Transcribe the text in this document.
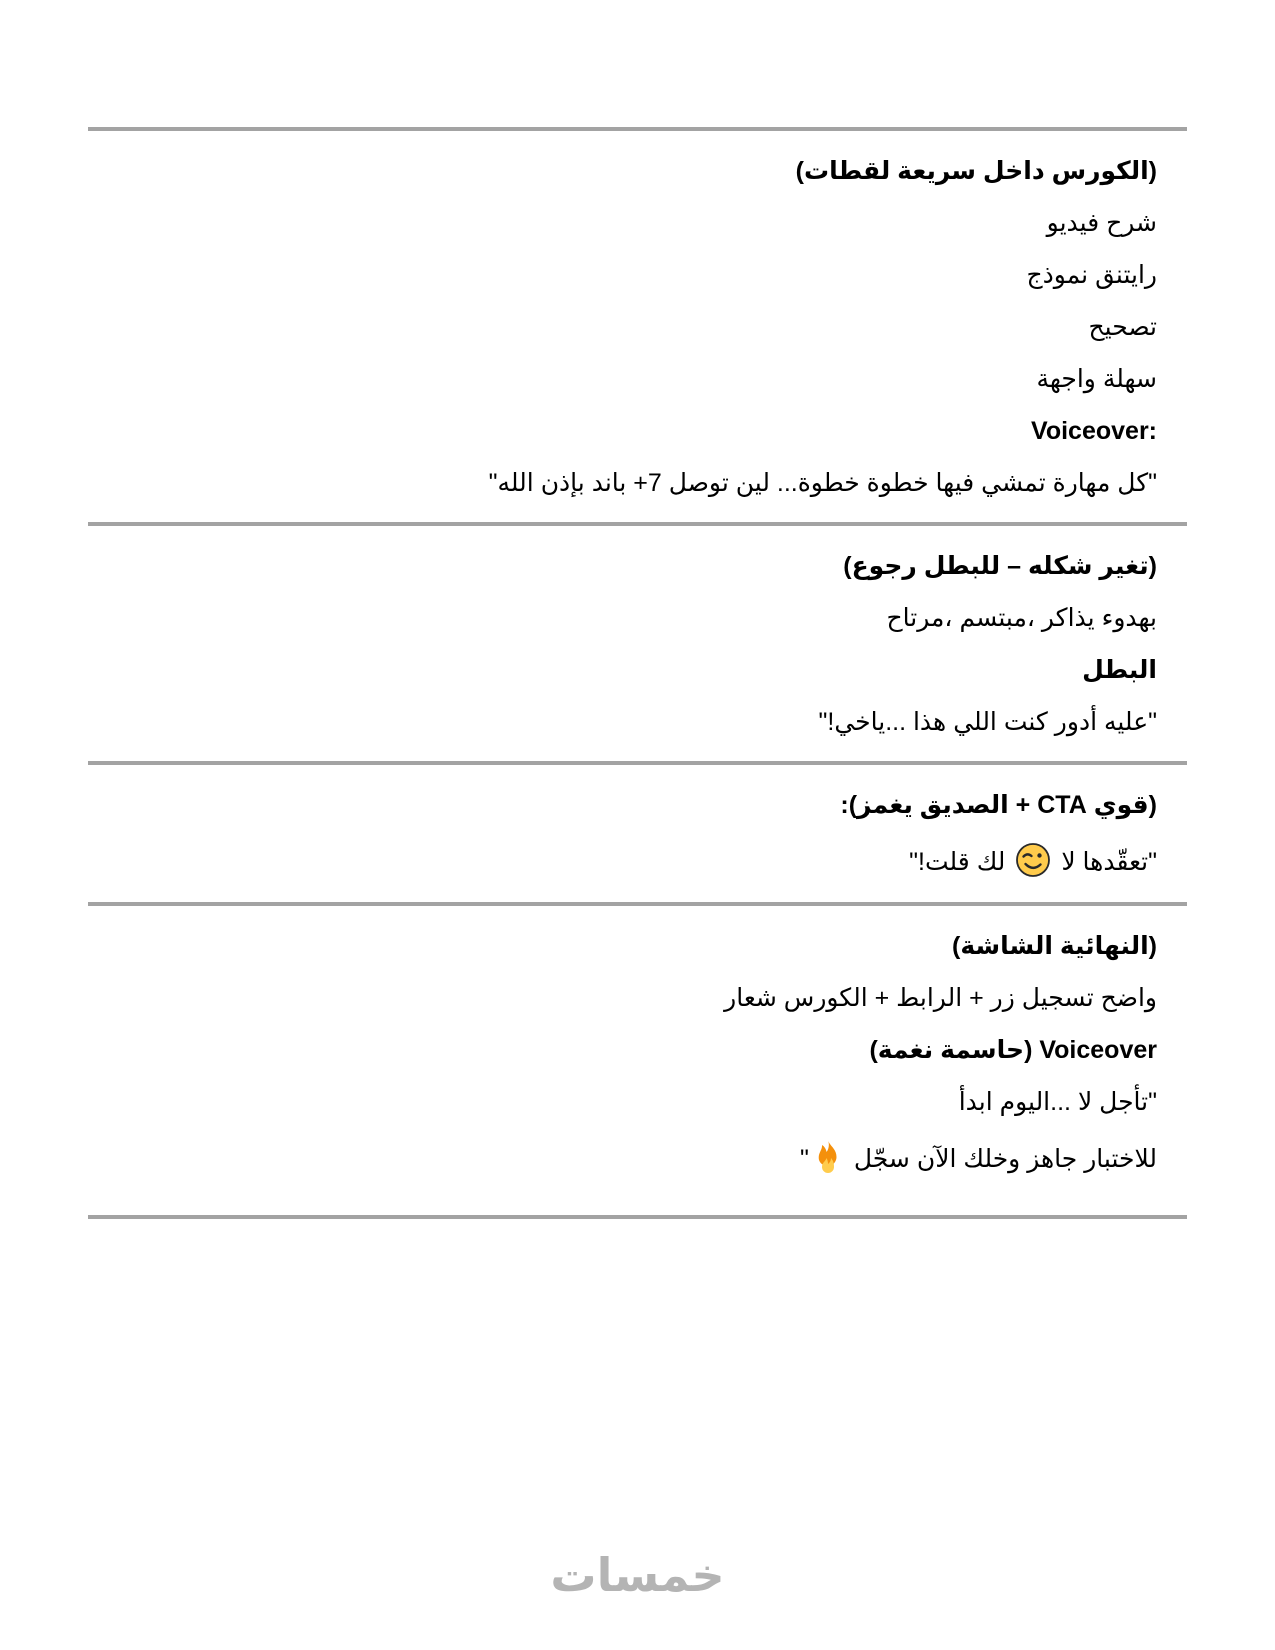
(لقطات‎ سريعة‎ داخل‎ الكورس)

فيديو‎ شرح

نموذج‎ رايتنق

تصحيح

واجهة‎ سهلة

Voiceover:

"كل مهارة تمشي فيها خطوة خطوة... لين توصل 7+ باند بإذن الله"

(رجوع‎ للبطل‎ – شكله‎ تغير)

مرتاح،‎ مبتسم،‎ يذاكر‎ بهدوء

البطل

"!ياخي...‎ هذا‎ اللي‎ كنت‎ أدور‎ عليه‎"

(قوي CTA + الصديق يغمز):

"!قلت‎ لك‎  لا‎ تعقّدها‎"

(الشاشة‎ النهائية)

شعار‎ الكورس‎ + الرابط‎ + زر‎ تسجيل‎ واضح

(نغمة‎ حاسمة)‎ Voiceover

ابدأ‎ اليوم...‎ لا‎ تأجل‎"

" سجّل‎ الآن‎ وخلك‎ جاهز‎ للاختبار

خمسات
